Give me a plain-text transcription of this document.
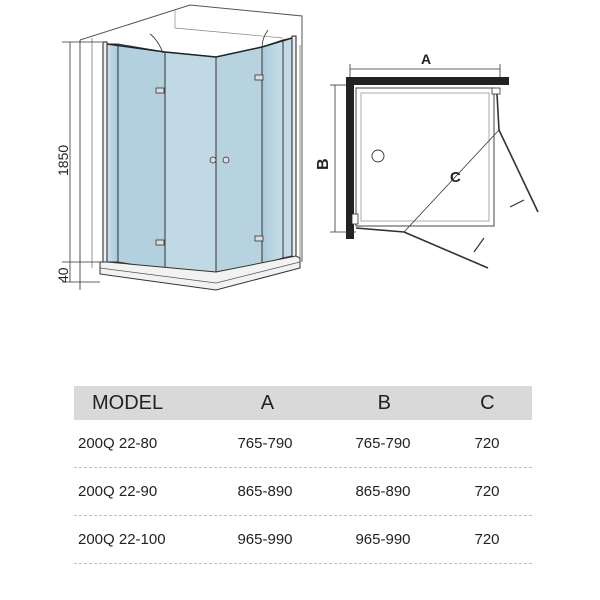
1850
40
A
B
C
MODEL	A	B	C
200Q 22-80	765-790	765-790	720
200Q 22-90	865-890	865-890	720
200Q 22-100	965-990	965-990	720
